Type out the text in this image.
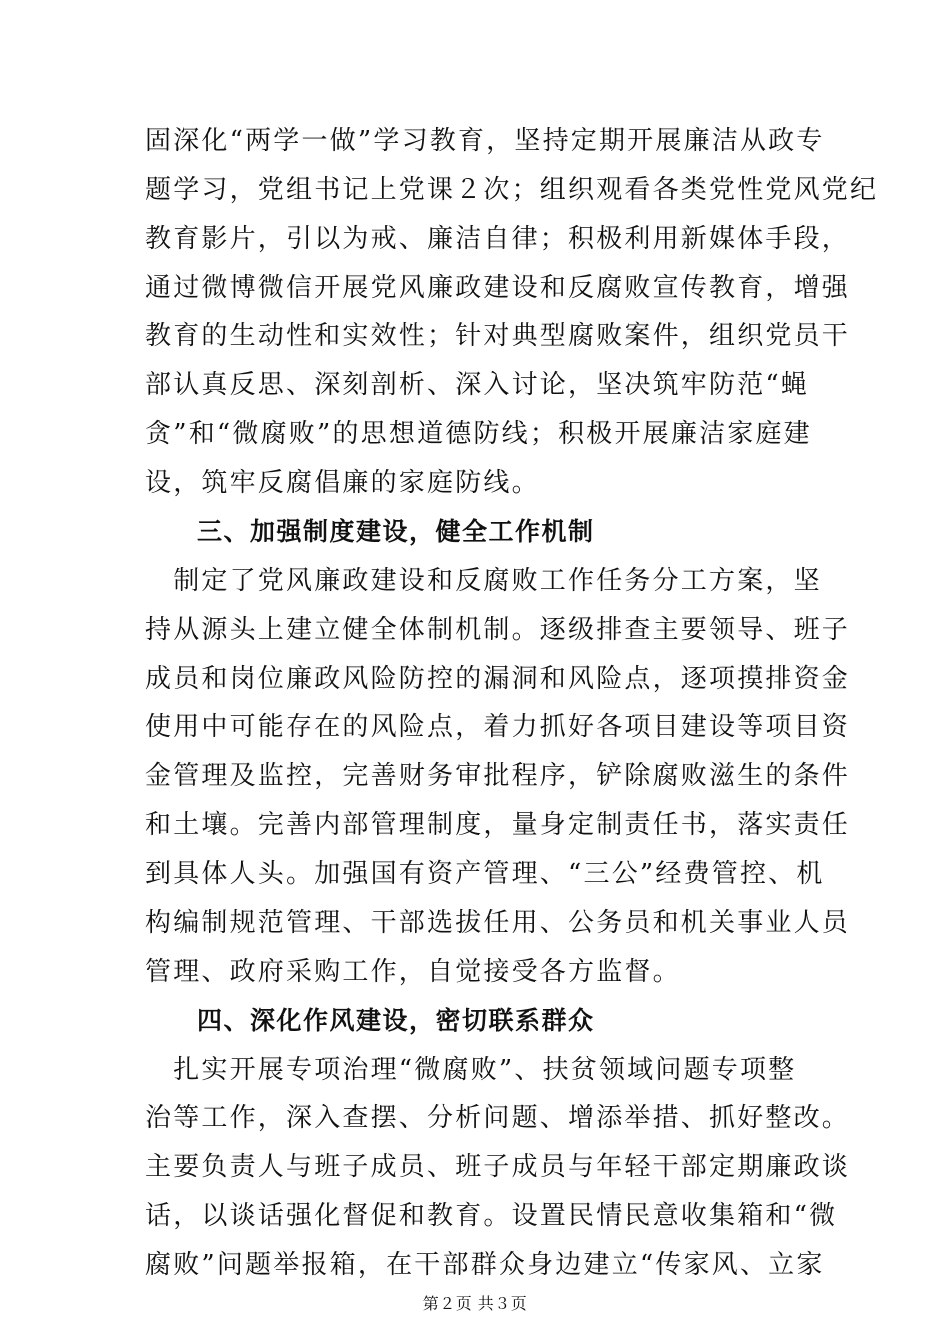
固深化“两学一做”学习教育，坚持定期开展廉洁从政专
题学习，党组书记上党课２次；组织观看各类党性党风党纪
教育影片，引以为戒、廉洁自律；积极利用新媒体手段，
通过微博微信开展党风廉政建设和反腐败宣传教育，增强
教育的生动性和实效性；针对典型腐败案件，组织党员干
部认真反思、深刻剖析、深入讨论，坚决筑牢防范“蝇
贪”和“微腐败”的思想道德防线；积极开展廉洁家庭建
设，筑牢反腐倡廉的家庭防线。
三、加强制度建设，健全工作机制
　制定了党风廉政建设和反腐败工作任务分工方案，坚
持从源头上建立健全体制机制。逐级排查主要领导、班子
成员和岗位廉政风险防控的漏洞和风险点，逐项摸排资金
使用中可能存在的风险点，着力抓好各项目建设等项目资
金管理及监控，完善财务审批程序，铲除腐败滋生的条件
和土壤。完善内部管理制度，量身定制责任书，落实责任
到具体人头。加强国有资产管理、“三公”经费管控、机
构编制规范管理、干部选拔任用、公务员和机关事业人员
管理、政府采购工作，自觉接受各方监督。
四、深化作风建设，密切联系群众
　扎实开展专项治理“微腐败”、扶贫领域问题专项整
治等工作，深入查摆、分析问题、增添举措、抓好整改。
主要负责人与班子成员、班子成员与年轻干部定期廉政谈
话，以谈话强化督促和教育。设置民情民意收集箱和“微
腐败”问题举报箱，在干部群众身边建立“传家风、立家
第２页 共３页
